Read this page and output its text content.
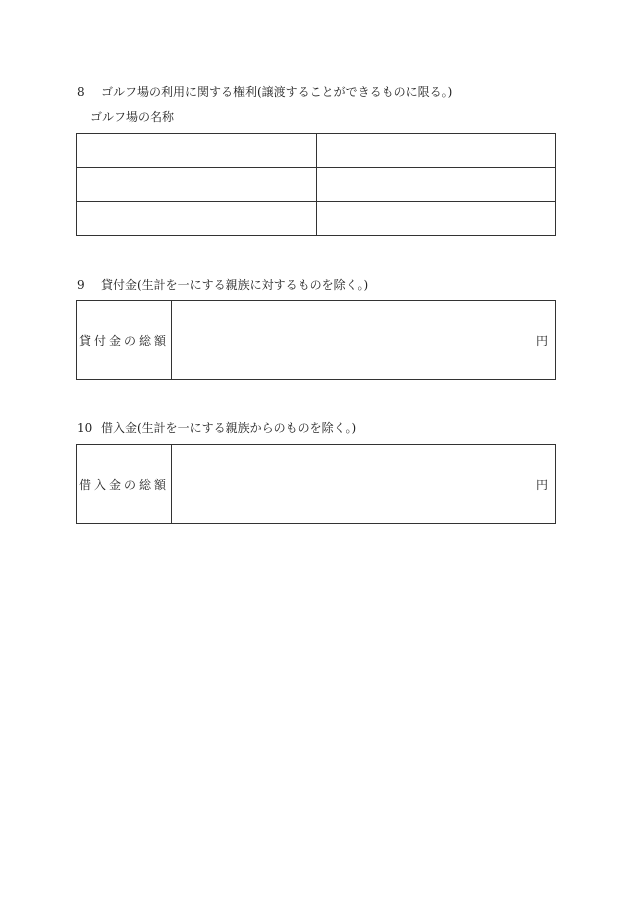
8 ゴルフ場の利用に関する権利(譲渡することができるものに限る。)
ゴルフ場の名称

9 貸付金(生計を一にする親族に対するものを除く。)
貸付金の総額	円
10 借入金(生計を一にする親族からのものを除く。)
借入金の総額	円
